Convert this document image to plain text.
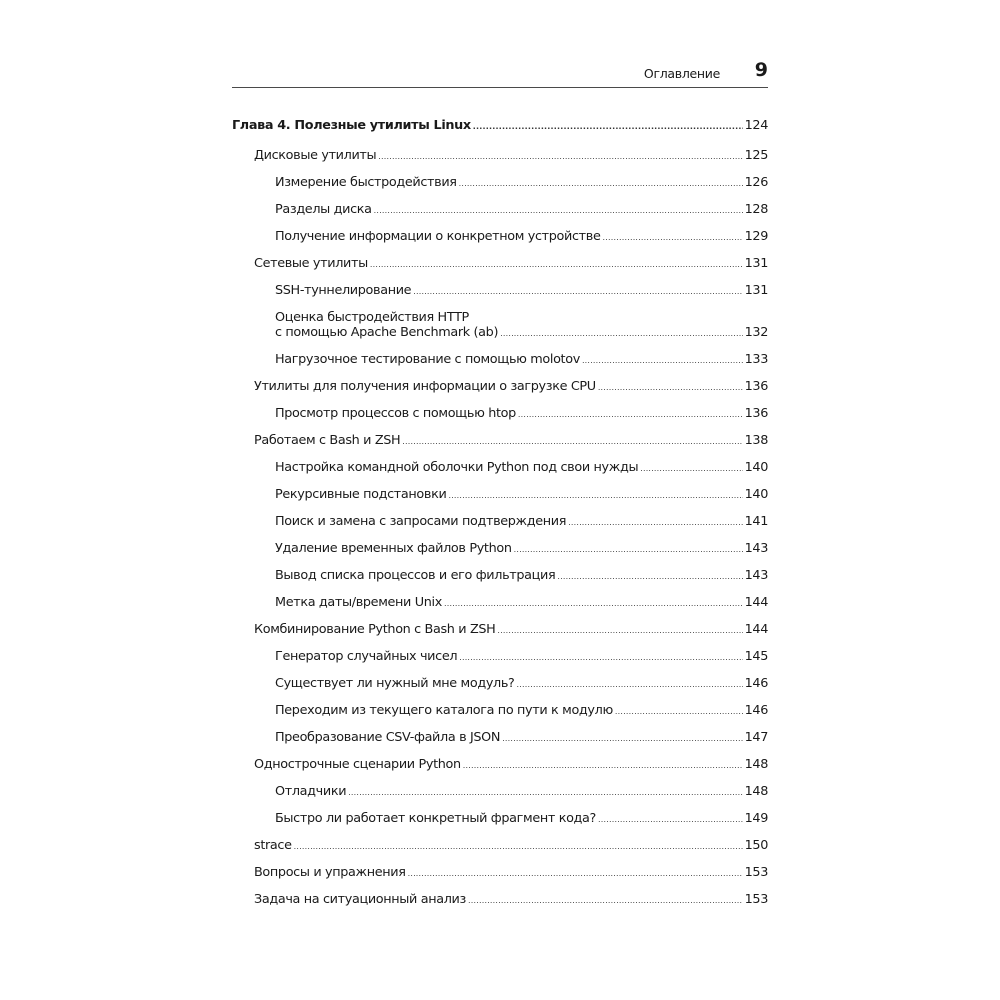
Оглавление 9
Глава 4. Полезные утилиты Linux .....	124
Дисковые утилиты .....	125
Измерение быстродействия .....	126
Разделы диска .....	128
Получение информации о конкретном устройстве .....	129
Сетевые утилиты .....	131
SSH-туннелирование .....	131
Оценка быстродействия HTTP
с помощью Apache Benchmark (ab) .....	132
Нагрузочное тестирование с помощью molotov .....	133
Утилиты для получения информации о загрузке CPU .....	136
Просмотр процессов с помощью htop .....	136
Работаем с Bash и ZSH .....	138
Настройка командной оболочки Python под свои нужды .....	140
Рекурсивные подстановки .....	140
Поиск и замена с запросами подтверждения .....	141
Удаление временных файлов Python .....	143
Вывод списка процессов и его фильтрация .....	143
Метка даты/времени Unix .....	144
Комбинирование Python с Bash и ZSH .....	144
Генератор случайных чисел .....	145
Существует ли нужный мне модуль? .....	146
Переходим из текущего каталога по пути к модулю .....	146
Преобразование CSV-файла в JSON .....	147
Однострочные сценарии Python .....	148
Отладчики .....	148
Быстро ли работает конкретный фрагмент кода? .....	149
strace .....	150
Вопросы и упражнения .....	153
Задача на ситуационный анализ .....	153
